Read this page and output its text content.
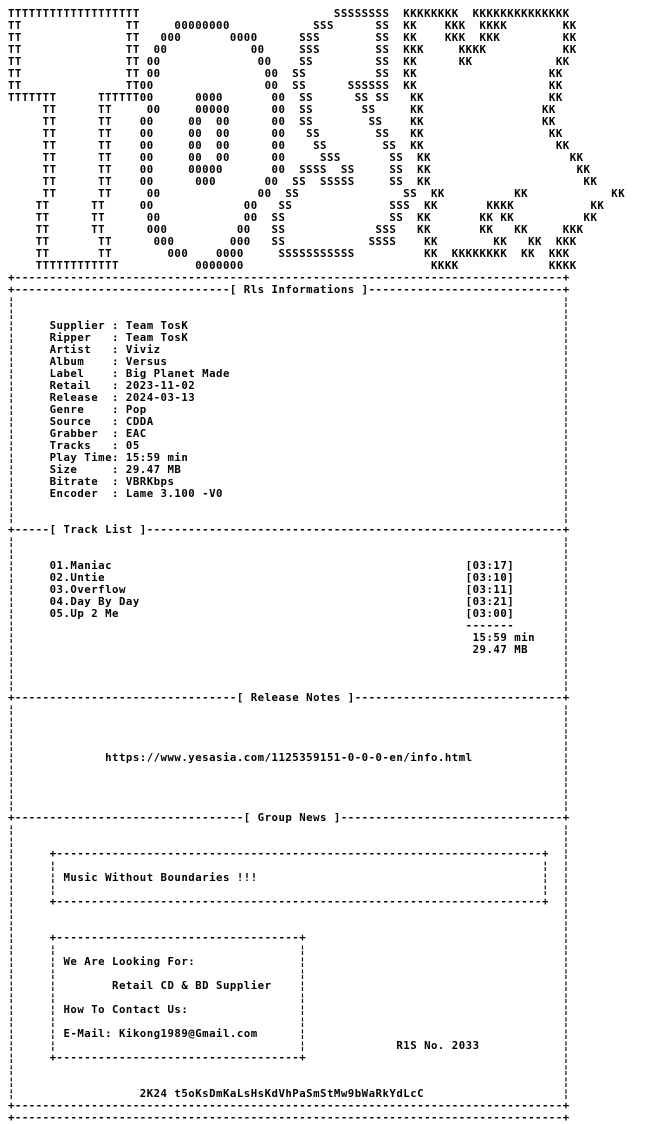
TTTTTTTTTTTTTTTTTTT                            SSSSSSSS  KKKKKKKK  KKKKKKKKKKKKKK
TT               TT     00000000            SSS      SS  KK    KKK  KKKK        KK
TT               TT   000       0000      SSS        SS  KK    KKK  KKK         KK
TT               TT  00            00     SSS        SS  KKK     KKKK           KK
TT               TT 00              00    SS         SS  KK      KK            KK
TT               TT 00               00  SS          SS  KK                   KK
TT               TT00                00  SS      SSSSSS  KK                   KK
TTTTTTT      TTTTTT00      0000       00  SS      SS SS   KK                  KK
TT      TT     00     00000      00  SS       SS     KK                 KK
TT      TT    00     00  00      00  SS        SS    KK                 KK
TT      TT    00     00  00      00   SS        SS   KK                  KK
TT      TT    00     00  00      00    SS        SS  KK                   KK
TT      TT    00     00  00      00     SSS       SS  KK                    KK
TT      TT    00     00000       00  SSSS  SS     SS  KK                     KK
TT      TT    00      000       00  SS  SSSSS     SS  KK                      KK
TT      TT     00              00  SS               SS  KK          KK            KK
TT      TT     00             00   SS              SSS  KK       KKKK           KK
TT      TT      00            00  SS               SS  KK       KK KK          KK
TT      TT      000          00   SS             SSS   KK       KK   KK     KKK
TT       TT      000        000   SS            SSSS    KK        KK   KK  KKK
TT       TT        000    0000     SSSSSSSSSSS          KK  KKKKKKKK  KK  KKK
TTTTTTTTTTTT           0000000                           KKKK             KKKK
+-------------------------------------------------------------------------------+
+-------------------------------[ Rls Informations ]----------------------------+
¦                                                                               ¦
¦                                                                               ¦
¦     Supplier : Team TosK                                                      ¦
¦     Ripper   : Team TosK                                                      ¦
¦     Artist   : Viviz                                                          ¦
¦     Album    : Versus                                                         ¦
¦     Label    : Big Planet Made                                                ¦
¦     Retail   : 2023-11-02                                                     ¦
¦     Release  : 2024-03-13                                                     ¦
¦     Genre    : Pop                                                            ¦
¦     Source   : CDDA                                                           ¦
¦     Grabber  : EAC                                                            ¦
¦     Tracks   : 05                                                             ¦
¦     Play Time: 15:59 min                                                      ¦
¦     Size     : 29.47 MB                                                       ¦
¦     Bitrate  : VBRKbps                                                        ¦
¦     Encoder  : Lame 3.100 -V0                                                 ¦
¦                                                                               ¦
¦                                                                               ¦
+-----[ Track List ]------------------------------------------------------------+
¦                                                                               ¦
¦                                                                               ¦
¦     01.Maniac                                                   [03:17]       ¦
¦     02.Untie                                                    [03:10]       ¦
¦     03.Overflow                                                 [03:11]       ¦
¦     04.Day By Day                                               [03:21]       ¦
¦     05.Up 2 Me                                                  [03:00]       ¦
¦                                                                 -------       ¦
¦                                                                  15:59 min    ¦
¦                                                                  29.47 MB     ¦
¦                                                                               ¦
¦                                                                               ¦
¦                                                                               ¦
+--------------------------------[ Release Notes ]------------------------------+
¦                                                                               ¦
¦                                                                               ¦
¦                                                                               ¦
¦                                                                               ¦
¦             https://www.yesasia.com/1125359151-0-0-0-en/info.html             ¦
¦                                                                               ¦
¦                                                                               ¦
¦                                                                               ¦
¦                                                                               ¦
+---------------------------------[ Group News ]--------------------------------+
¦                                                                               ¦
¦                                                                               ¦
¦     +----------------------------------------------------------------------+  ¦
¦     ¦                                                                      ¦  ¦
¦     ¦ Music Without Boundaries !!!                                         ¦  ¦
¦     ¦                                                                      ¦  ¦
¦     +----------------------------------------------------------------------+  ¦
¦                                                                               ¦
¦                                                                               ¦
¦     +-----------------------------------+                                     ¦
¦     ¦                                   ¦                                     ¦
¦     ¦ We Are Looking For:               ¦                                     ¦
¦     ¦                                   ¦                                     ¦
¦     ¦        Retail CD & BD Supplier    ¦                                     ¦
¦     ¦                                   ¦                                     ¦
¦     ¦ How To Contact Us:                ¦                                     ¦
¦     ¦                                   ¦                                     ¦
¦     ¦ E-Mail: Kikong1989@Gmail.com      ¦                                     ¦
¦     ¦                                   ¦             R1S No. 2033            ¦
¦     +-----------------------------------+                                     ¦
¦                                                                               ¦
¦                                                                               ¦
¦                  2K24 t5oKsDmKaLsHsKdVhPaSmStMw9bWaRkYdLcC                    ¦
+-------------------------------------------------------------------------------+
+-------------------------------------------------------------------------------+
